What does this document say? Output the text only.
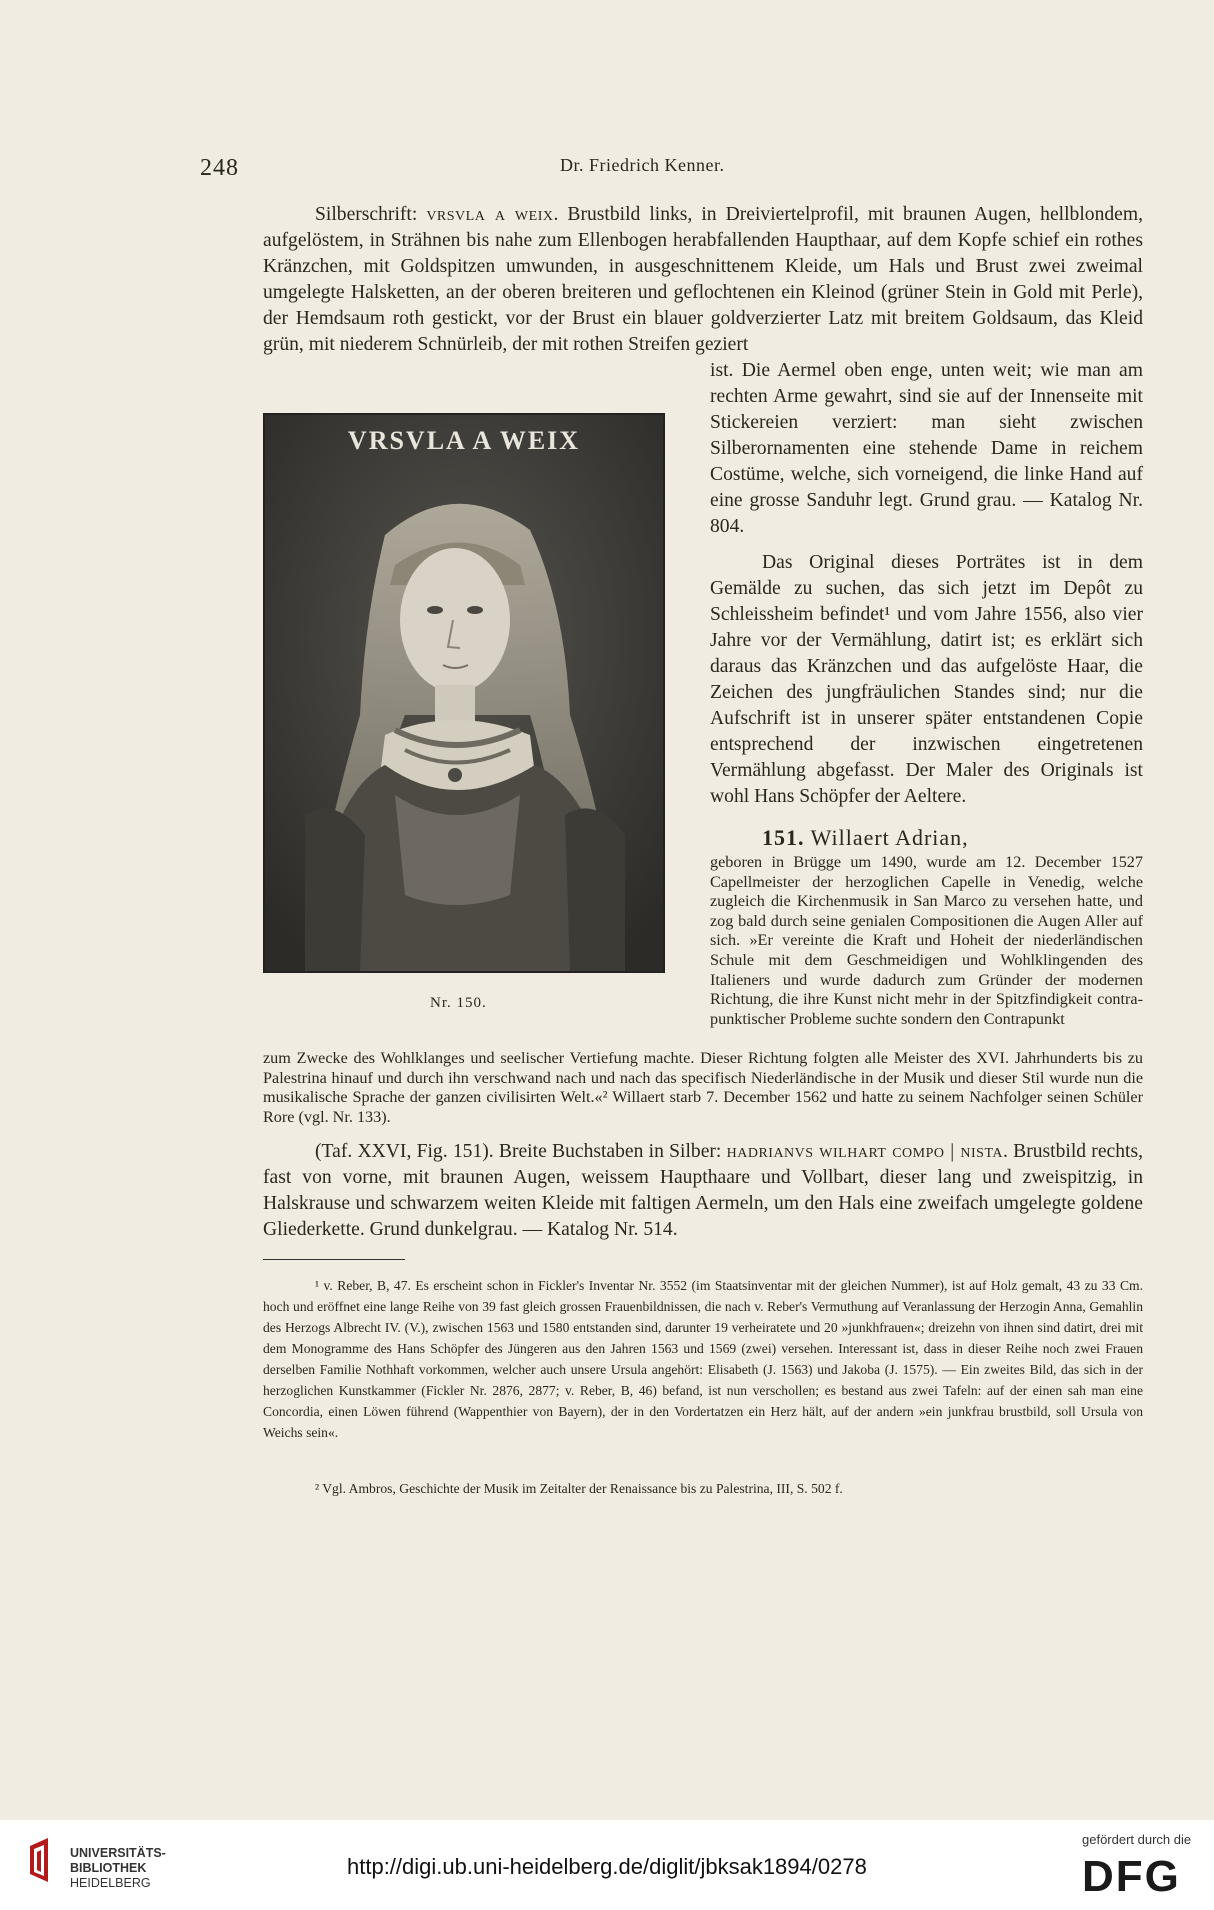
248	Dr. Friedrich Kenner.

Silberschrift: vrsvla a weix. Brustbild links, in Dreiviertelprofil, mit braunen Augen, hellblondem, aufgelöstem, in Strähnen bis nahe zum Ellenbogen herabfallenden Haupthaar, auf dem Kopfe schief ein rothes Kränzchen, mit Goldspitzen umwunden, in ausgeschnittenem Kleide, um Hals und Brust zwei zweimal umgelegte Halsketten, an der oberen breiteren und geflochtenen ein Kleinod (grüner Stein in Gold mit Perle), der Hemdsaum roth gestickt, vor der Brust ein blauer goldverzierter Latz mit breitem Goldsaum, das Kleid grün, mit niederem Schnürleib, der mit rothen Streifen geziert

ist. Die Aermel oben enge, unten weit; wie man am rechten Arme gewahrt, sind sie auf der Innenseite mit Stickereien verziert: man sieht zwischen Silberornamenten eine stehende Dame in reichem Costüme, welche, sich vorneigend, die linke Hand auf eine grosse Sanduhr legt. Grund grau. — Katalog Nr. 804.

VRSVLA A WEIX
Nr. 150.

Das Original dieses Porträtes ist in dem Gemälde zu suchen, das sich jetzt im Depôt zu Schleissheim befindet¹ und vom Jahre 1556, also vier Jahre vor der Vermählung, datirt ist; es erklärt sich daraus das Kränzchen und das aufgelöste Haar, die Zeichen des jungfräulichen Standes sind; nur die Aufschrift ist in unserer später entstandenen Copie entsprechend der inzwischen eingetretenen Vermählung abgefasst. Der Maler des Originals ist wohl Hans Schöpfer der Aeltere.

151. Willaert Adrian,

geboren in Brügge um 1490, wurde am 12. December 1527 Capellmeister der herzoglichen Capelle in Venedig, welche zugleich die Kirchenmusik in San Marco zu versehen hatte, und zog bald durch seine genialen Compositionen die Augen Aller auf sich. »Er vereinte die Kraft und Hoheit der niederländischen Schule mit dem Geschmeidigen und Wohlklingenden des Italieners und wurde dadurch zum Gründer der modernen Richtung, die ihre Kunst nicht mehr in der Spitzfindigkeit contrapunktischer Probleme suchte sondern den Contrapunkt

zum Zwecke des Wohlklanges und seelischer Vertiefung machte. Dieser Richtung folgten alle Meister des XVI. Jahrhunderts bis zu Palestrina hinauf und durch ihn verschwand nach und nach das specifisch Niederländische in der Musik und dieser Stil wurde nun die musikalische Sprache der ganzen civilisirten Welt.«² Willaert starb 7. December 1562 und hatte zu seinem Nachfolger seinen Schüler Rore (vgl. Nr. 133).

(Taf. XXVI, Fig. 151). Breite Buchstaben in Silber: hadrianvs wilhart compo | nista. Brustbild rechts, fast von vorne, mit braunen Augen, weissem Haupthaare und Vollbart, dieser lang und zweispitzig, in Halskrause und schwarzem weiten Kleide mit faltigen Aermeln, um den Hals eine zweifach umgelegte goldene Gliederkette. Grund dunkelgrau. — Katalog Nr. 514.

¹ v. Reber, B, 47. Es erscheint schon in Fickler's Inventar Nr. 3552 (im Staatsinventar mit der gleichen Nummer), ist auf Holz gemalt, 43 zu 33 Cm. hoch und eröffnet eine lange Reihe von 39 fast gleich grossen Frauenbildnissen, die nach v. Reber's Vermuthung auf Veranlassung der Herzogin Anna, Gemahlin des Herzogs Albrecht IV. (V.), zwischen 1563 und 1580 entstanden sind, darunter 19 verheiratete und 20 »junkhfrauen«; dreizehn von ihnen sind datirt, drei mit dem Monogramme des Hans Schöpfer des Jüngeren aus den Jahren 1563 und 1569 (zwei) versehen. Interessant ist, dass in dieser Reihe noch zwei Frauen derselben Familie Nothhaft vorkommen, welcher auch unsere Ursula angehört: Elisabeth (J. 1563) und Jakoba (J. 1575). — Ein zweites Bild, das sich in der herzoglichen Kunstkammer (Fickler Nr. 2876, 2877; v. Reber, B, 46) befand, ist nun verschollen; es bestand aus zwei Tafeln: auf der einen sah man eine Concordia, einen Löwen führend (Wappenthier von Bayern), der in den Vordertatzen ein Herz hält, auf der andern »ein junkfrau brustbild, soll Ursula von Weichs sein«.

² Vgl. Ambros, Geschichte der Musik im Zeitalter der Renaissance bis zu Palestrina, III, S. 502 f.

UNIVERSITÄTS-
BIBLIOTHEK
HEIDELBERG
http://digi.ub.uni-heidelberg.de/diglit/jbksak1894/0278
gefördert durch die
DFG
